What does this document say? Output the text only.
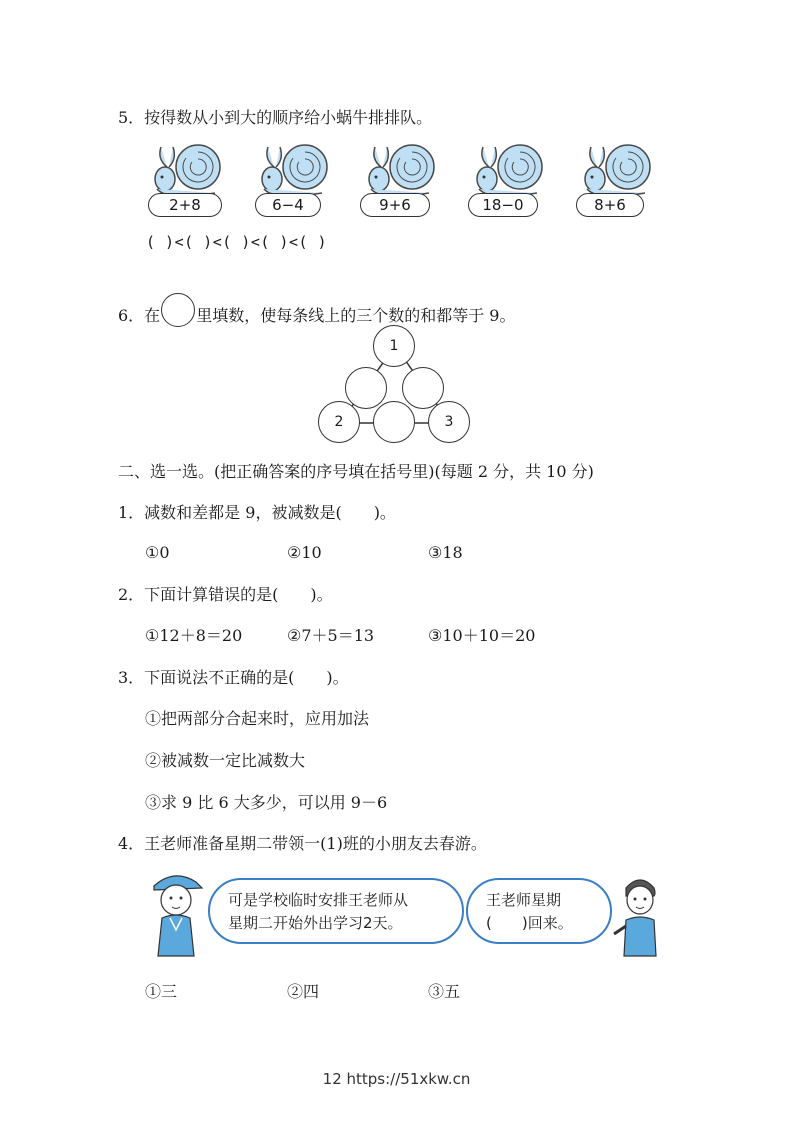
5．按得数从小到大的顺序给小蜗牛排排队。
2+8	6−4	9+6	18−0	8+6
( )<( )<( )<( )<( )
6．在 里填数，使每条线上的三个数的和都等于 9。
1
2	3
二、选一选。(把正确答案的序号填在括号里)(每题 2 分，共 10 分)
1．减数和差都是 9，被减数是(　　)。
①0	②10	③18
2．下面计算错误的是(　　)。
①12＋8＝20	②7＋5＝13	③10＋10＝20
3．下面说法不正确的是(　　)。
①把两部分合起来时，应用加法
②被减数一定比减数大
③求 9 比 6 大多少，可以用 9－6
4．王老师准备星期二带领一(1)班的小朋友去春游。
可是学校临时安排王老师从
星期二开始外出学习2天。
王老师星期
(　　)回来。
①三	②四	③五
12 https://51xkw.cn
